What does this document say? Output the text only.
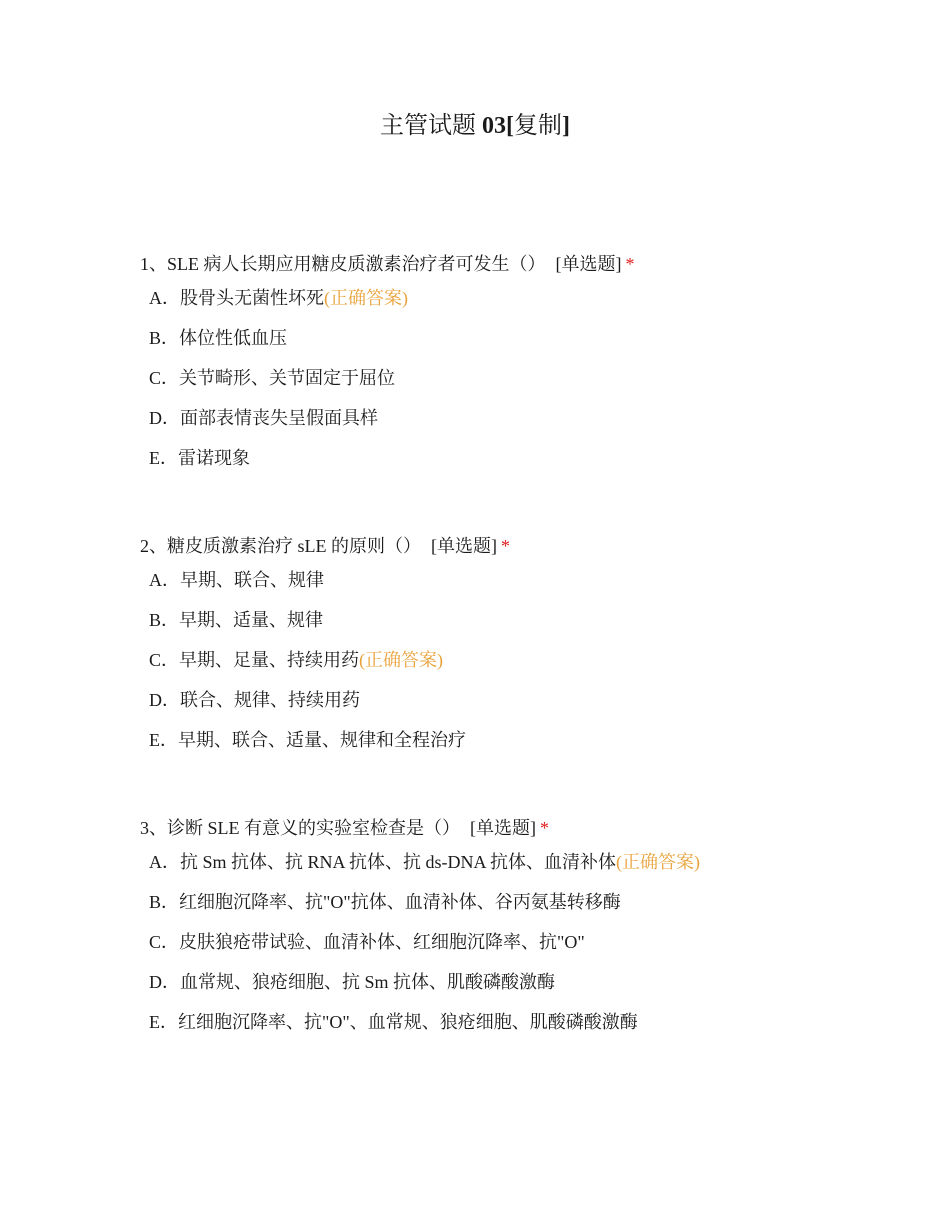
主管试题 03[复制]

1、SLE 病人长期应用糖皮质激素治疗者可发生（） [单选题] *

A．股骨头无菌性坏死(正确答案)
B．体位性低血压
C．关节畸形、关节固定于屈位
D．面部表情丧失呈假面具样
E．雷诺现象

2、糖皮质激素治疗 sLE 的原则（） [单选题] *

A．早期、联合、规律
B．早期、适量、规律
C．早期、足量、持续用药(正确答案)
D．联合、规律、持续用药
E．早期、联合、适量、规律和全程治疗

3、诊断 SLE 有意义的实验室检查是（） [单选题] *

A．抗 Sm 抗体、抗 RNA 抗体、抗 ds-DNA 抗体、血清补体(正确答案)
B．红细胞沉降率、抗"O"抗体、血清补体、谷丙氨基转移酶
C．皮肤狼疮带试验、血清补体、红细胞沉降率、抗"O"
D．血常规、狼疮细胞、抗 Sm 抗体、肌酸磷酸激酶
E．红细胞沉降率、抗"O"、血常规、狼疮细胞、肌酸磷酸激酶
